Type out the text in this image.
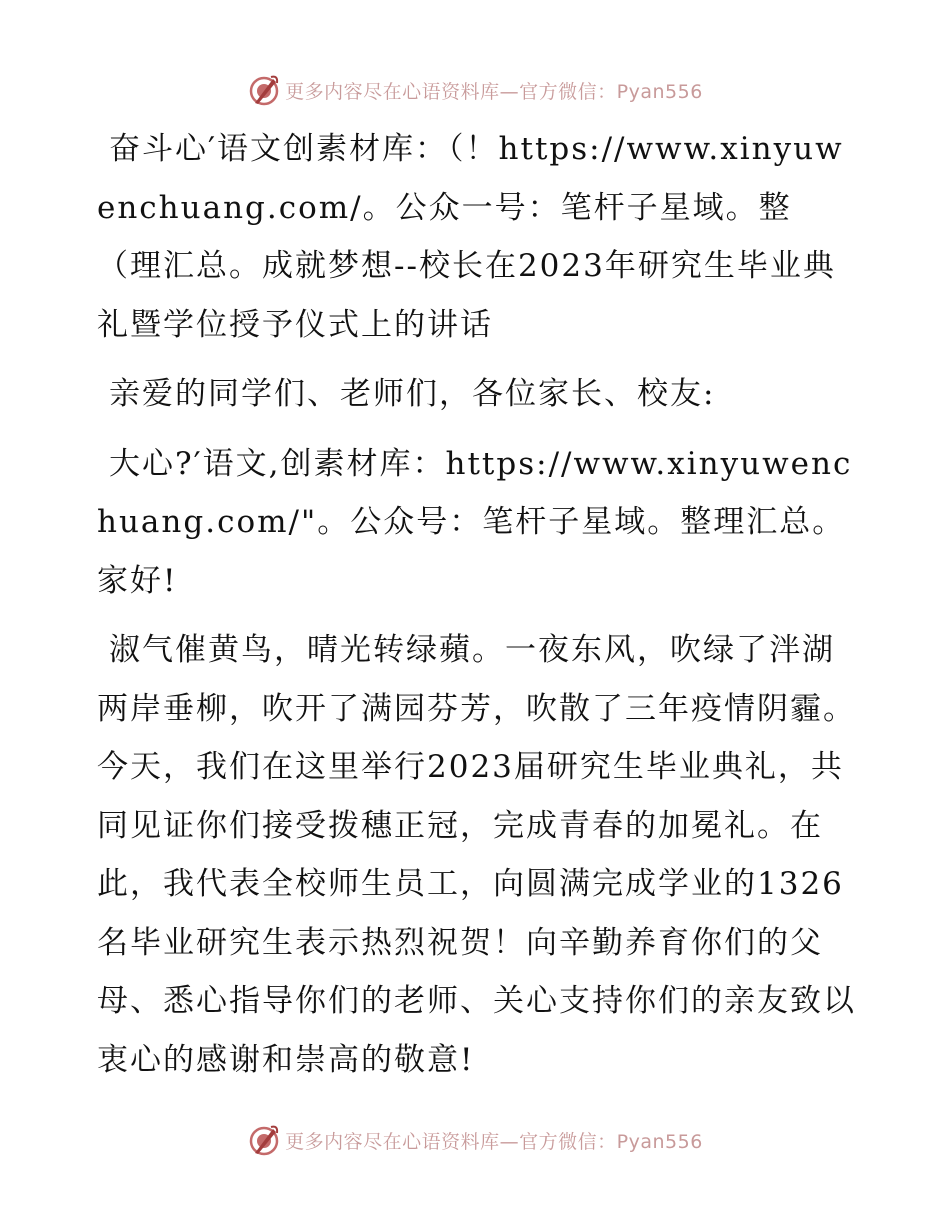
更多内容尽在心语资料库—官方微信：Pyan556

奋斗心′语文创素材库：（！https://www.xinyuwenchuang.com/。公众一号：笔杆子星域。整（理汇总。成就梦想--校长在2023年研究生毕业典礼暨学位授予仪式上的讲话

亲爱的同学们、老师们，各位家长、校友:

大心?′语文,创素材库：https://www.xinyuwenchuang.com/"。公众号：笔杆子星域。整理汇总。家好!

淑气催黄鸟，晴光转绿蘋。一夜东风，吹绿了泮湖两岸垂柳，吹开了满园芬芳，吹散了三年疫情阴霾。今天，我们在这里举行2023届研究生毕业典礼，共同见证你们接受拨穗正冠，完成青春的加冕礼。在此，我代表全校师生员工，向圆满完成学业的1326名毕业研究生表示热烈祝贺！向辛勤养育你们的父母、悉心指导你们的老师、关心支持你们的亲友致以衷心的感谢和崇高的敬意!

更多内容尽在心语资料库—官方微信：Pyan556
